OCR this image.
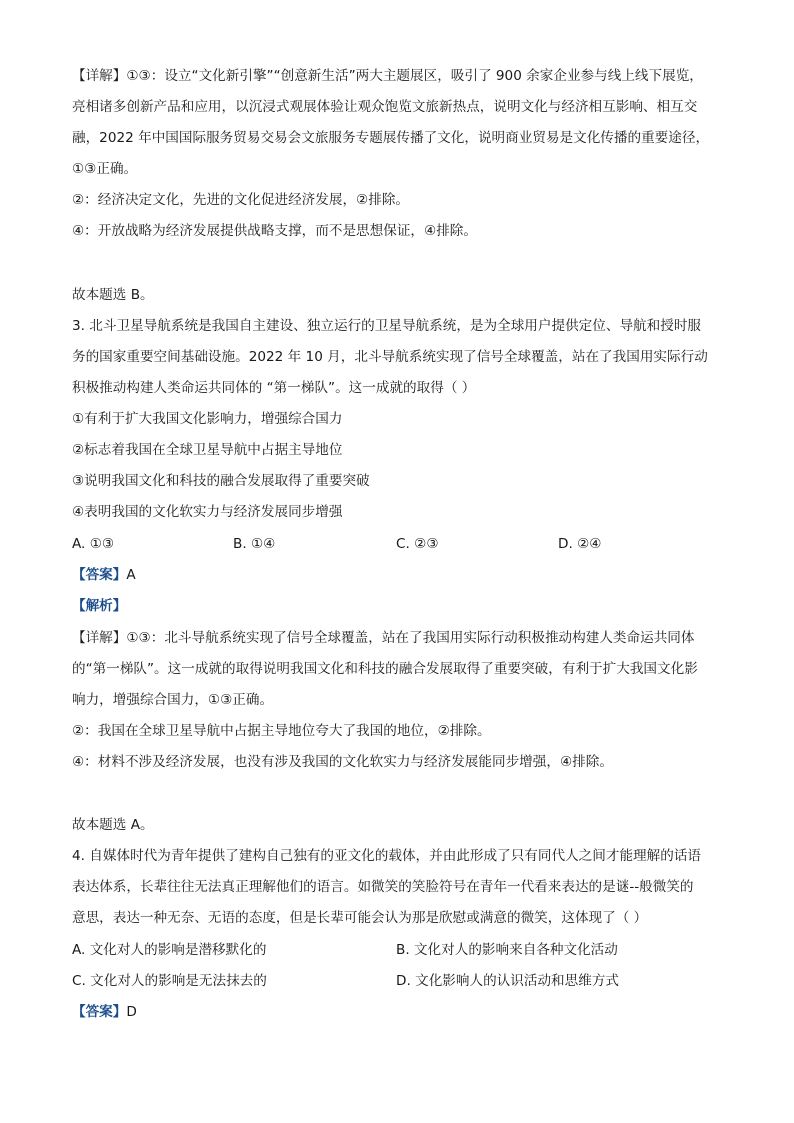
【详解】①③：设立“文化新引擎”“创意新生活”两大主题展区，吸引了 900 余家企业参与线上线下展览，
亮相诸多创新产品和应用，以沉浸式观展体验让观众饱览文旅新热点，说明文化与经济相互影响、相互交
融，2022 年中国国际服务贸易交易会文旅服务专题展传播了文化，说明商业贸易是文化传播的重要途径，
①③正确。
②：经济决定文化，先进的文化促进经济发展，②排除。
④：开放战略为经济发展提供战略支撑，而不是思想保证，④排除。
故本题选 B。
3. 北斗卫星导航系统是我国自主建设、独立运行的卫星导航系统，是为全球用户提供定位、导航和授时服
务的国家重要空间基础设施。2022 年 10 月，北斗导航系统实现了信号全球覆盖，站在了我国用实际行动
积极推动构建人类命运共同体的 “第一梯队”。这一成就的取得（ ）
①有利于扩大我国文化影响力，增强综合国力
②标志着我国在全球卫星导航中占据主导地位
③说明我国文化和科技的融合发展取得了重要突破
④表明我国的文化软实力与经济发展同步增强
A. ①③	B. ①④	C. ②③	D. ②④
【答案】A
【解析】
【详解】①③：北斗导航系统实现了信号全球覆盖，站在了我国用实际行动积极推动构建人类命运共同体
的“第一梯队”。这一成就的取得说明我国文化和科技的融合发展取得了重要突破，有利于扩大我国文化影
响力，增强综合国力，①③正确。
②：我国在全球卫星导航中占据主导地位夸大了我国的地位，②排除。
④：材料不涉及经济发展，也没有涉及我国的文化软实力与经济发展能同步增强，④排除。
故本题选 A。
4. 自媒体时代为青年提供了建构自己独有的亚文化的载体，并由此形成了只有同代人之间才能理解的话语
表达体系，长辈往往无法真正理解他们的语言。如微笑的笑脸符号在青年一代看来表达的是谜--般微笑的
意思，表达一种无奈、无语的态度，但是长辈可能会认为那是欣慰或满意的微笑，这体现了（ ）
A. 文化对人的影响是潜移默化的	B. 文化对人的影响来自各种文化活动
C. 文化对人的影响是无法抹去的	D. 文化影响人的认识活动和思维方式
【答案】D
